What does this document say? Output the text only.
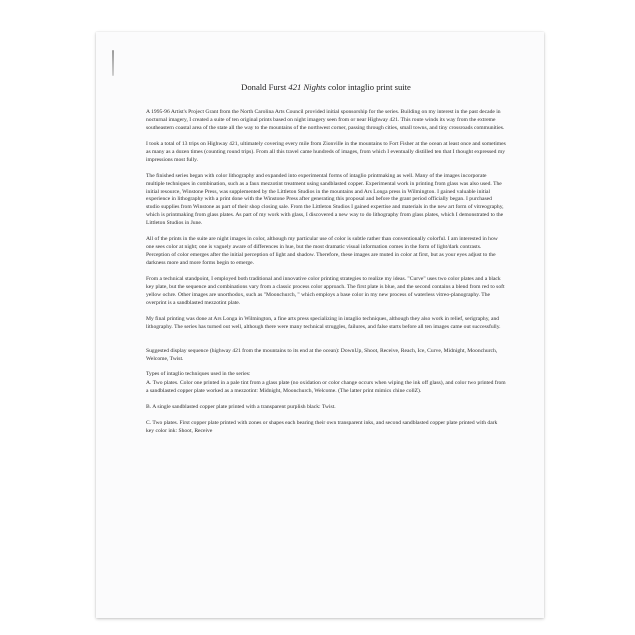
Donald Furst 421 Nights color intaglio print suite

A 1995-96 Artist's Project Grant from the North Carolina Arts Council provided initial sponsorship for the series. Building on my interest in the past decade in nocturnal imagery, I created a suite of ten original prints based on night imagery seen from or near Highway 421. This route winds its way from the extreme southeastern coastal area of the state all the way to the mountains of the northwest corner, passing through cities, small towns, and tiny crossroads communities.

I took a total of 13 trips on Highway 421, ultimately covering every mile from Zionville in the mountains to Fort Fisher at the ocean at least once and sometimes as many as a dozen times (counting round trips). From all this travel came hundreds of images, from which I eventually distilled ten that I thought expressed my impressions most fully.

The finished series began with color lithography and expanded into experimental forms of intaglio printmaking as well. Many of the images incorporate multiple techniques in combination, such as a faux mezzotint treatment using sandblasted copper. Experimental work in printing from glass was also used. The initial resource, Winstone Press, was supplemented by the Littleton Studios in the mountains and Ars Longa press in Wilmington. I gained valuable initial experience in lithography with a print done with the Winstone Press after generating this proposal and before the grant period officially began. I purchased studio supplies from Winstone as part of their shop closing sale. From the Littleton Studios I gained expertise and materials in the new art form of vitreography, which is printmaking from glass plates. As part of my work with glass, I discovered a new way to do lithography from glass plates, which I demonstrated to the Littleton Studios in June.

All of the prints in the suite are night images in color, although my particular use of color is subtle rather than conventionally colorful. I am interested in how one sees color at night; one is vaguely aware of differences in hue, but the most dramatic visual information comes in the form of light/dark contrasts. Perception of color emerges after the initial perception of light and shadow. Therefore, these images are muted in color at first, but as your eyes adjust to the darkness more and more forms begin to emerge.

From a technical standpoint, I employed both traditional and innovative color printing strategies to realize my ideas. "Curve" uses two color plates and a black key plate, but the sequence and combinations vary from a classic process color approach. The first plate is blue, and the second contains a blend from red to soft yellow ochre. Other images are unorthodox, such as "Moonchurch, " which employs a base color in my new process of waterless vitreo-planography. The overprint is a sandblasted mezzotint plate.

My final printing was done at Ars Longa in Wilmington, a fine arts press specializing in intaglio techniques, although they also work in relief, serigraphy, and lithography. The series has turned out well, although there were many technical struggles, failures, and false starts before all ten images came out successfully.

Suggested display sequence (highway 421 from the mountains to its end at the ocean): DownUp, Shoot, Receive, Reach, Ice, Curve, Midnight, Moonchurch, Welcome, Twist.

Types of intaglio techniques used in the series:

A. Two plates. Color one printed in a pale tint from a glass plate (no oxidation or color change occurs when wiping the ink off glass), and color two printed from a sandblasted copper plate worked as a mezzotint: Midnight, Moonchurch, Welcome. (The latter print mimics chine collZ).
B. A single sandblasted copper plate printed with a transparent purplish black: Twist.
C. Two plates. First copper plate printed with zones or shapes each bearing their own transparent inks, and second sandblasted copper plate printed with dark key color ink: Shoot, Receive
